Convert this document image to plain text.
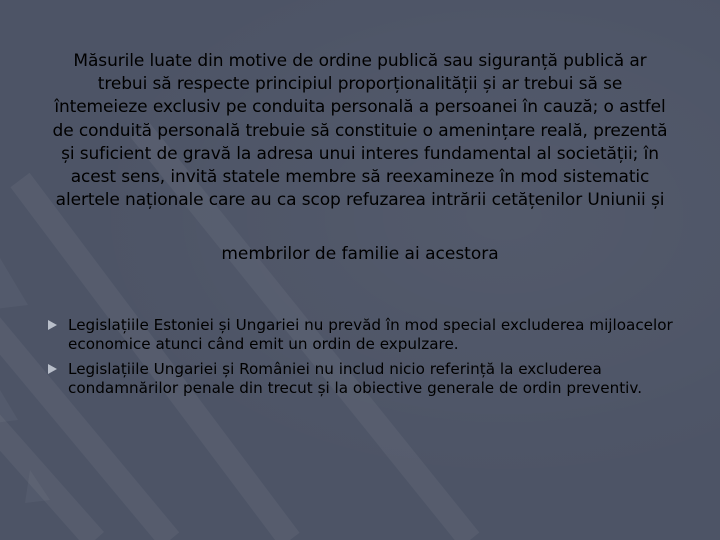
Măsurile luate din motive de ordine publică sau siguranță publică ar
trebui să respecte principiul proporționalității și ar trebui să se
întemeieze exclusiv pe conduita personală a persoanei în cauză; o astfel
de conduită personală trebuie să constituie o amenințare reală, prezentă
și suficient de gravă la adresa unui interes fundamental al societății; în
acest sens, invită statele membre să reexamineze în mod sistematic
alertele naționale care au ca scop refuzarea intrării cetățenilor Uniunii și
membrilor de familie ai acestora
Legislațiile Estoniei și Ungariei nu prevăd în mod special excluderea mijloacelor economice atunci când emit un ordin de expulzare.
Legislațiile Ungariei și României nu includ nicio referință la excluderea condamnărilor penale din trecut și la obiective generale de ordin preventiv.
